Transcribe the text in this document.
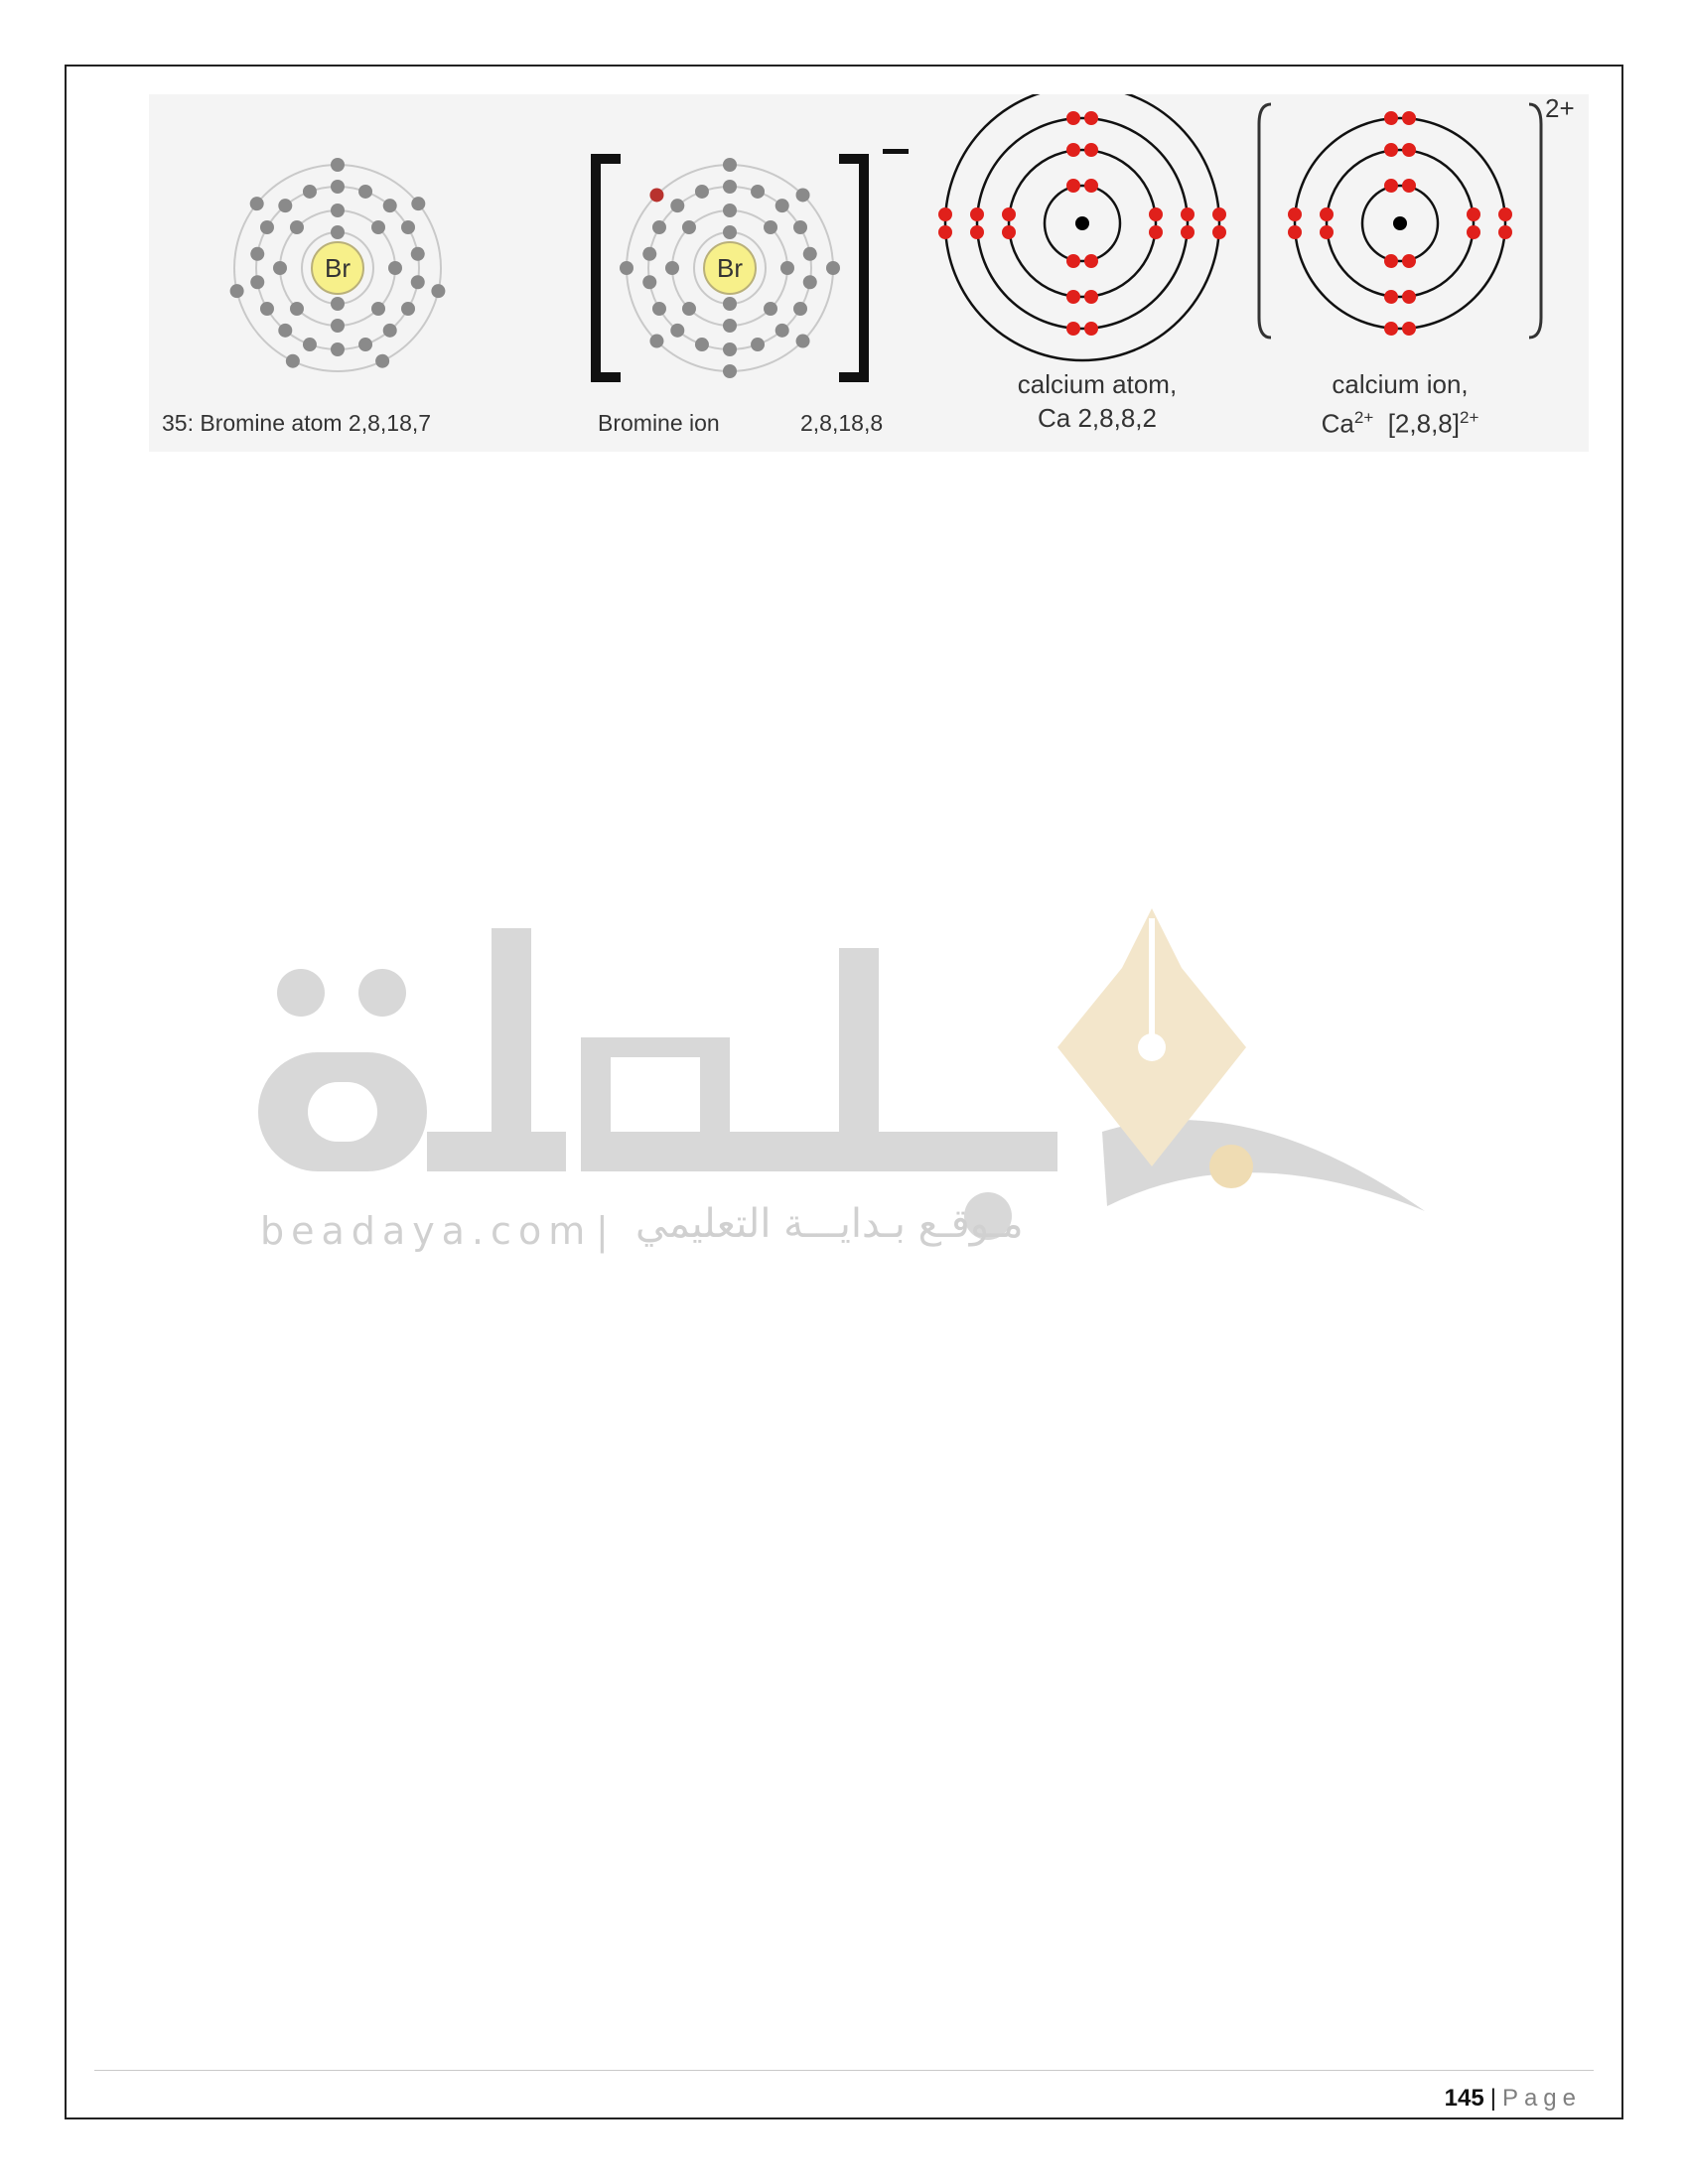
Br	Br
2+
35: Bromine atom 2,8,18,7	Bromine ion	2,8,18,8
calcium atom,
Ca 2,8,8,2
calcium ion,
$Ca^{2+}$ $[2,8,8]^{2+}$
beadaya.com | مـوقـع بـدايـــة التعليمي
145 | Page
